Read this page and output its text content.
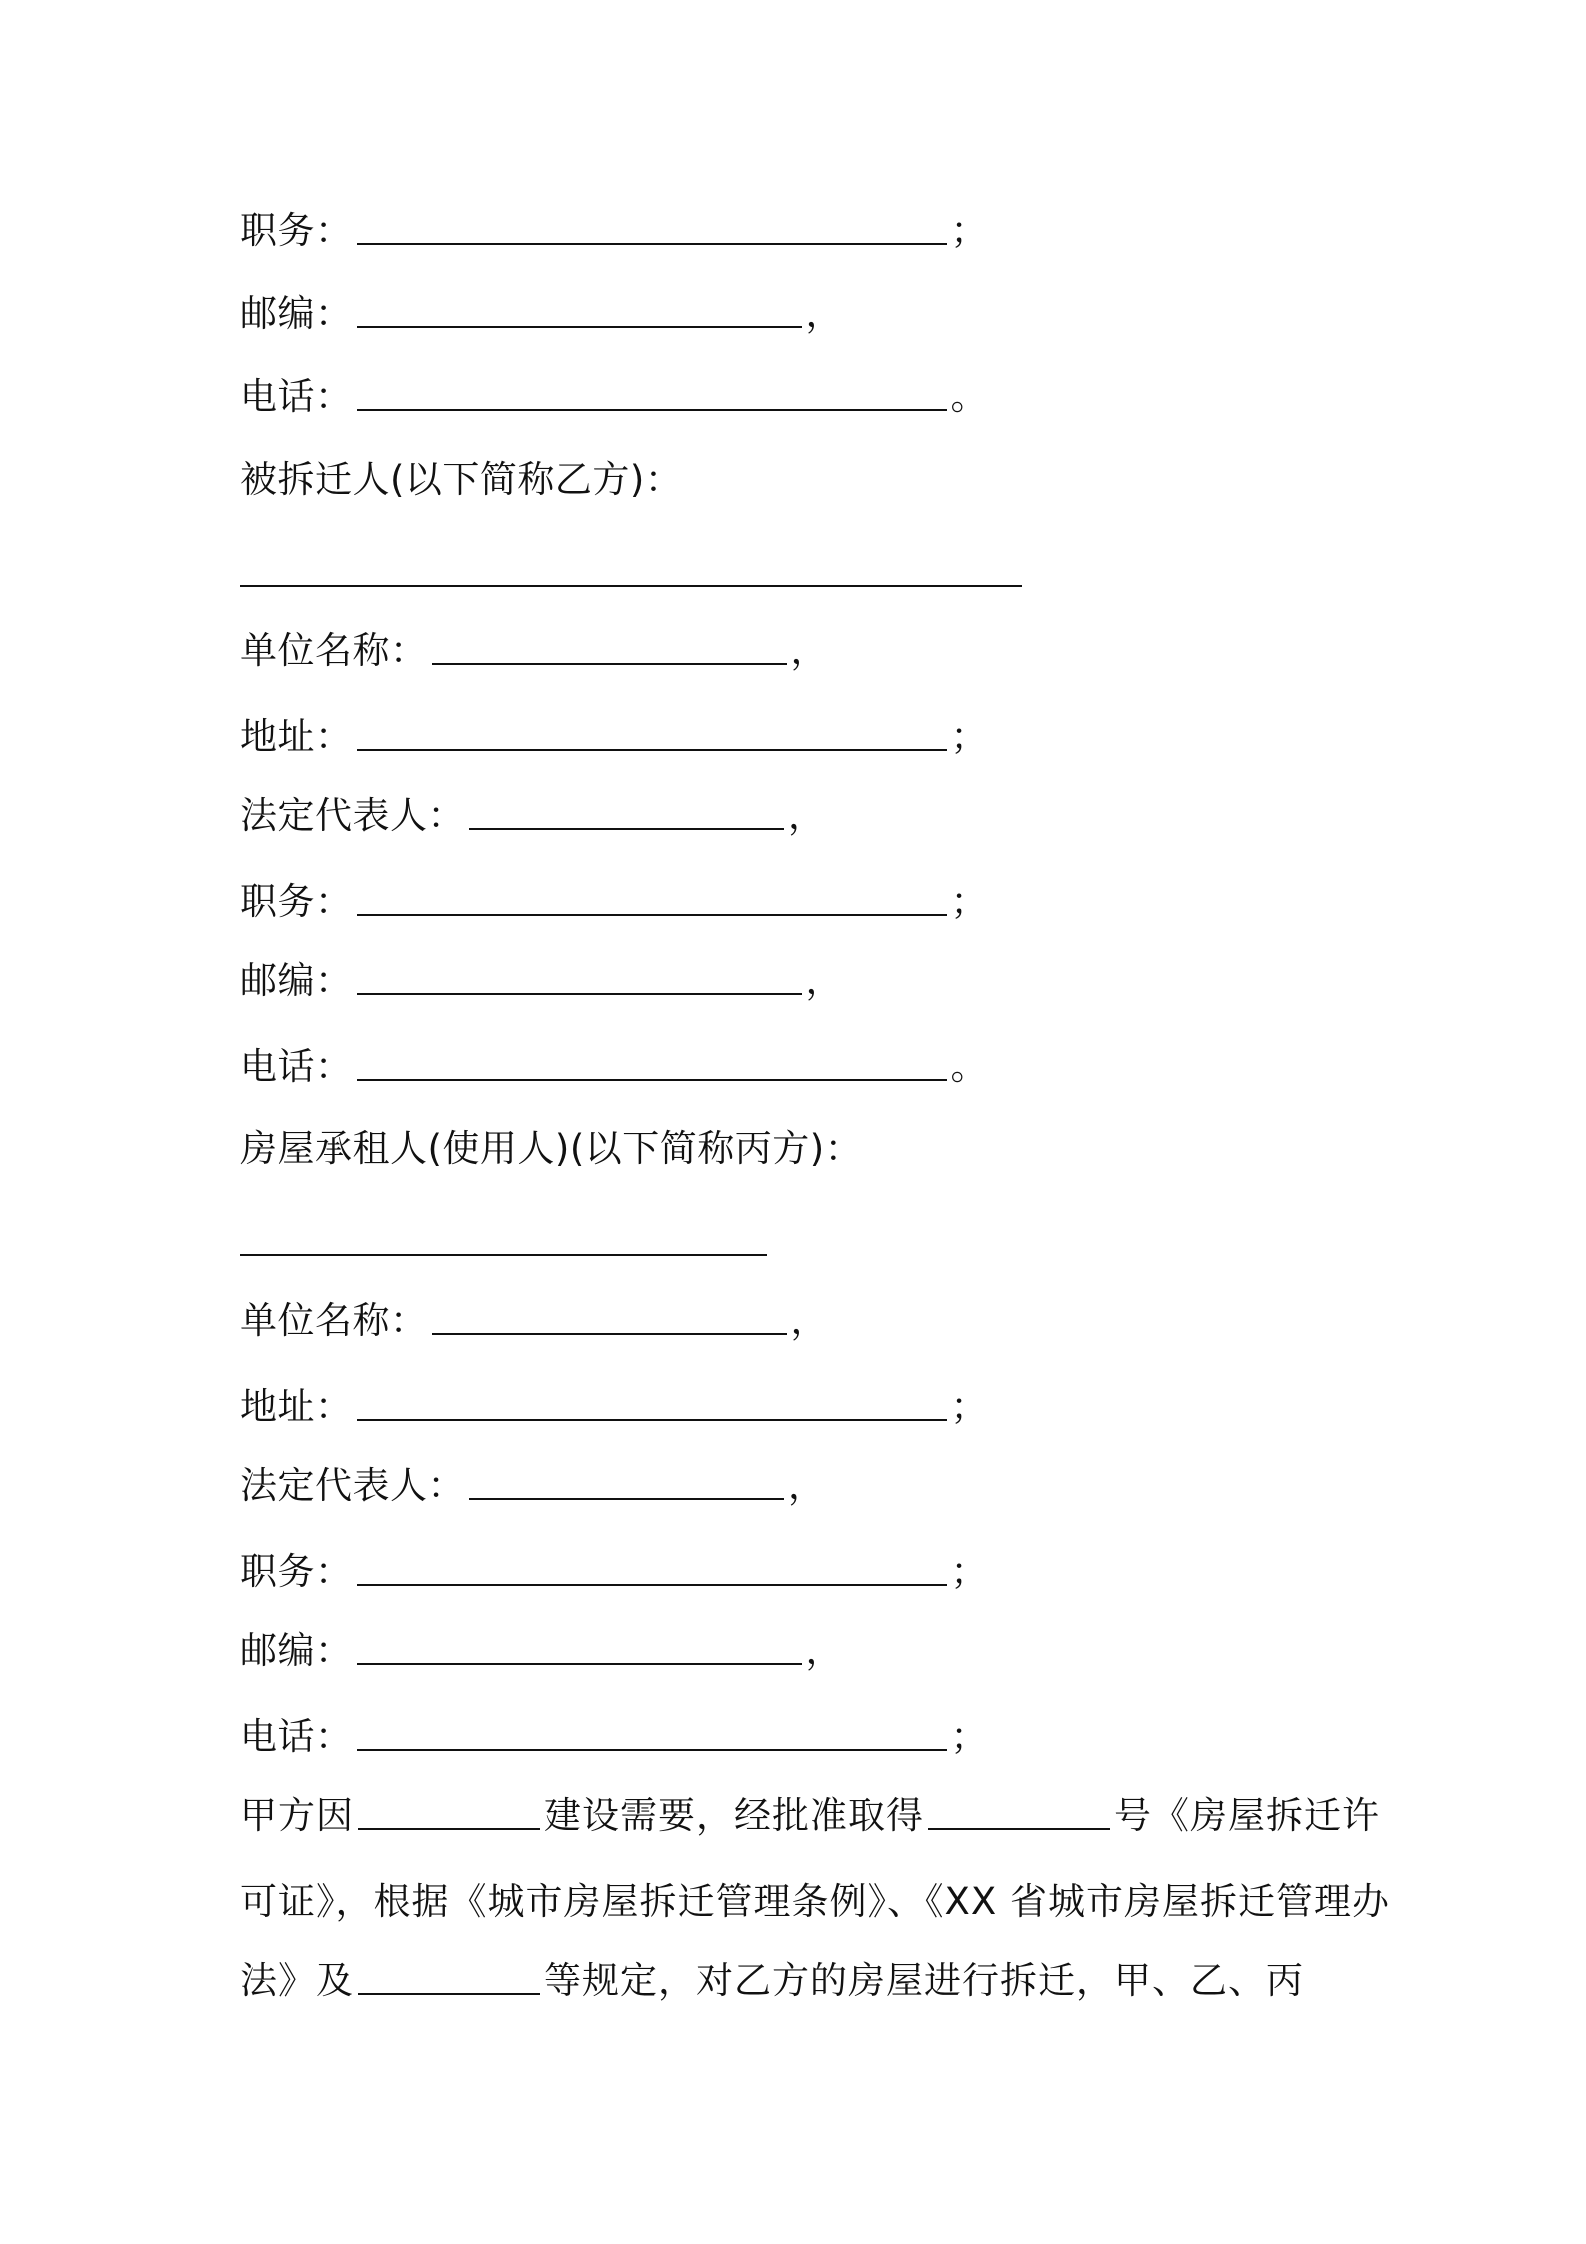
职务：	；
邮编：	，
电话：	。
被拆迁人(以下简称乙方)：
单位名称：	，
地址：	；
法定代表人：	，
职务：	；
邮编：	，
电话：	。
房屋承租人(使用人)(以下简称丙方)：
单位名称：	，
地址：	；
法定代表人：	，
职务：	；
邮编：	，
电话：	；
甲方因	建设需要，经批准取得	号《房屋拆迁许
可证》，根据《城市房屋拆迁管理条例》、《XX 省城市房屋拆迁管理办
法》及	等规定，对乙方的房屋进行拆迁，甲、乙、丙
